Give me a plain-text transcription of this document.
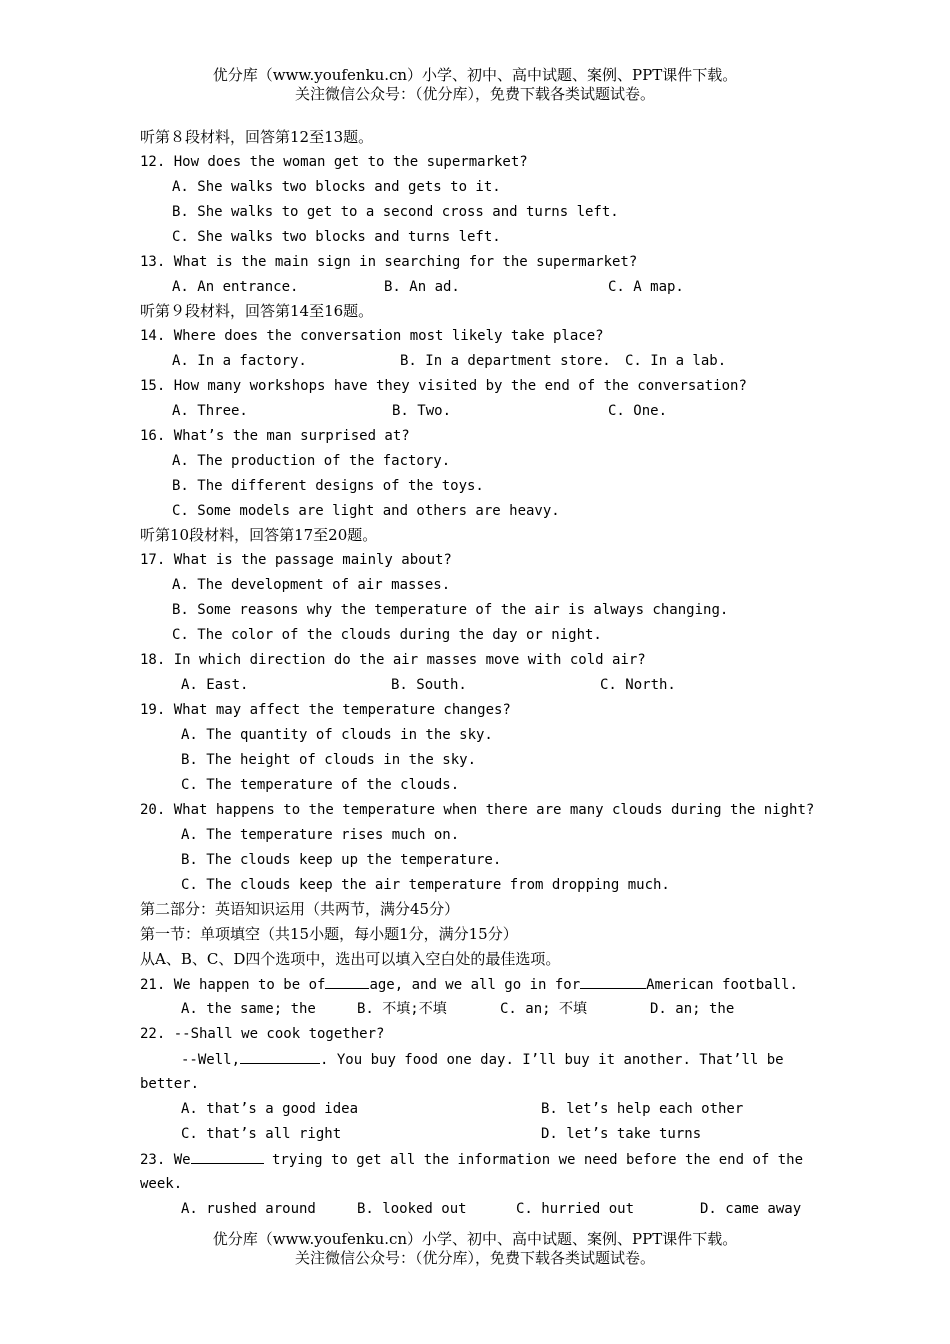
优分库（www.youfenku.cn）小学、初中、高中试题、案例、PPT课件下载。
关注微信公众号：（优分库），免费下载各类试题试卷。
听第８段材料，回答第12至13题。
12. How does the woman get to the supermarket?
A. She walks two blocks and gets to it.
B. She walks to get to a second cross and turns left.
C. She walks two blocks and turns left.
13. What is the main sign in searching for the supermarket?
A. An entrance.	B. An ad.	C. A map.
听第９段材料，回答第14至16题。
14. Where does the conversation most likely take place?
A. In a factory.	B. In a department store. C. In a lab.
15. How many workshops have they visited by the end of the conversation?
A. Three.	B. Two.	C. One.
16. What’s the man surprised at?
A. The production of the factory.
B. The different designs of the toys.
C. Some models are light and others are heavy.
听第10段材料，回答第17至20题。
17. What is the passage mainly about?
A. The development of air masses.
B. Some reasons why the temperature of the air is always changing.
C. The color of the clouds during the day or night.
18. In which direction do the air masses move with cold air?
A. East.	B. South.	C. North.
19. What may affect the temperature changes?
A. The quantity of clouds in the sky.
B. The height of clouds in the sky.
C. The temperature of the clouds.
20. What happens to the temperature when there are many clouds during the night?
A. The temperature rises much on.
B. The clouds keep up the temperature.
C. The clouds keep the air temperature from dropping much.
第二部分：英语知识运用（共两节，满分45分）
第一节：单项填空（共15小题，每小题1分，满分15分）
从A、B、C、D四个选项中，选出可以填入空白处的最佳选项。
21. We happen to be of	age, and we all go in for	American football.
A. the same; the	B. 不填;不填	C. an; 不填	D. an; the
22. --Shall we cook together?
--Well,	. You buy food one day. I’ll buy it another. That’ll be
better.
A. that’s a good idea	B. let’s help each other
C. that’s all right	D. let’s take turns
23. We	trying to get all the information we need before the end of the
week.
A. rushed around	B. looked out	C. hurried out	D. came away
优分库（www.youfenku.cn）小学、初中、高中试题、案例、PPT课件下载。
关注微信公众号：（优分库），免费下载各类试题试卷。
